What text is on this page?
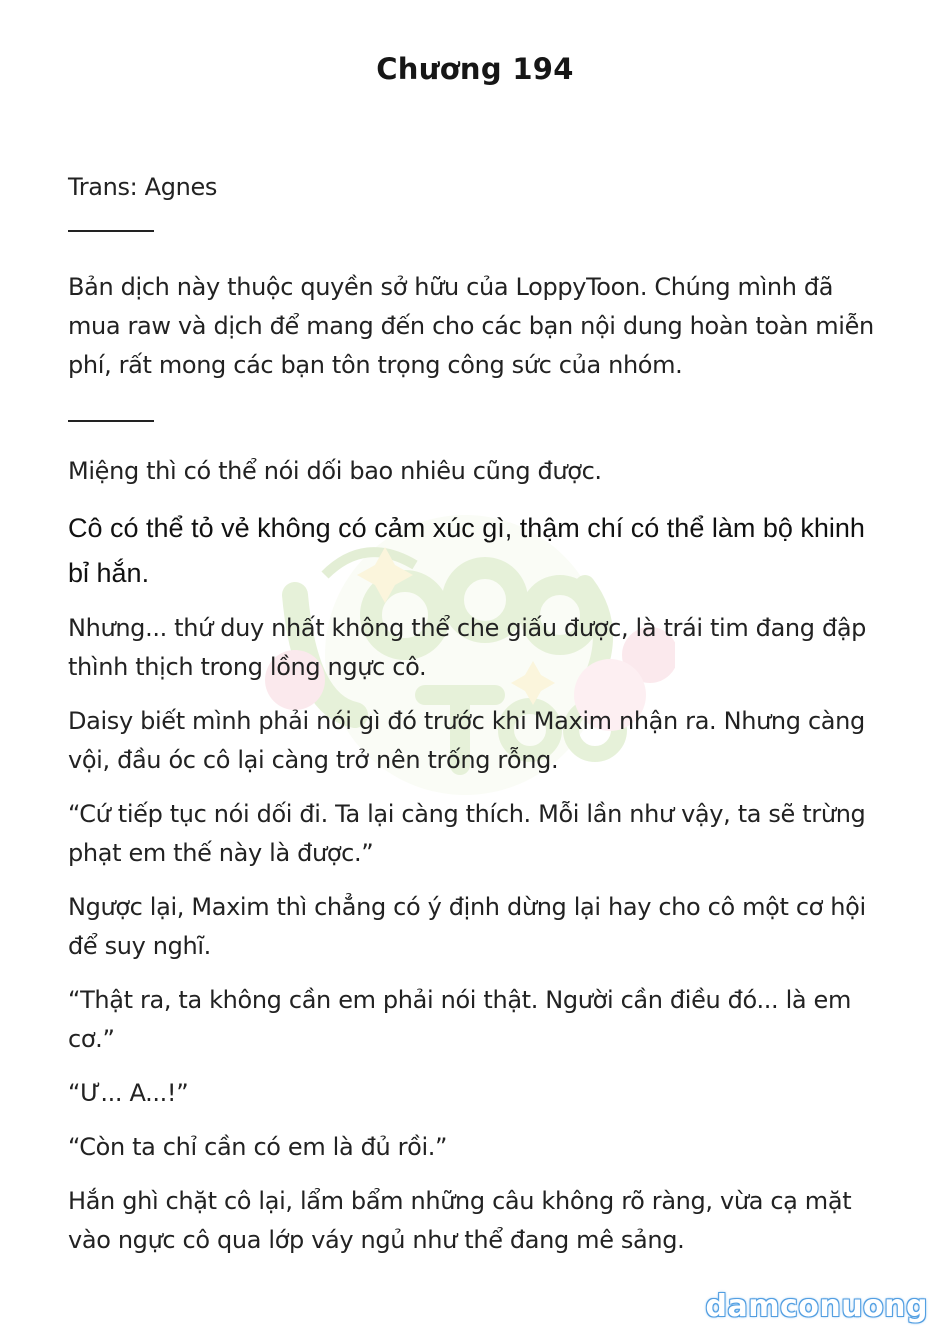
Chương 194

Trans: Agnes

Bản dịch này thuộc quyền sở hữu của LoppyToon. Chúng mình đã mua raw và dịch để mang đến cho các bạn nội dung hoàn toàn miễn phí, rất mong các bạn tôn trọng công sức của nhóm.

Miệng thì có thể nói dối bao nhiêu cũng được.

Cô có thể tỏ vẻ không có cảm xúc gì, thậm chí có thể làm bộ khinh bỉ hắn.

Nhưng... thứ duy nhất không thể che giấu được, là trái tim đang đập thình thịch trong lồng ngực cô.

Daisy biết mình phải nói gì đó trước khi Maxim nhận ra. Nhưng càng vội, đầu óc cô lại càng trở nên trống rỗng.

“Cứ tiếp tục nói dối đi. Ta lại càng thích. Mỗi lần như vậy, ta sẽ trừng phạt em thế này là được.”

Ngược lại, Maxim thì chẳng có ý định dừng lại hay cho cô một cơ hội để suy nghĩ.

“Thật ra, ta không cần em phải nói thật. Người cần điều đó... là em cơ.”

“Ư... A...!”

“Còn ta chỉ cần có em là đủ rồi.”

Hắn ghì chặt cô lại, lẩm bẩm những câu không rõ ràng, vừa cạ mặt vào ngực cô qua lớp váy ngủ như thể đang mê sảng.

damconuong
